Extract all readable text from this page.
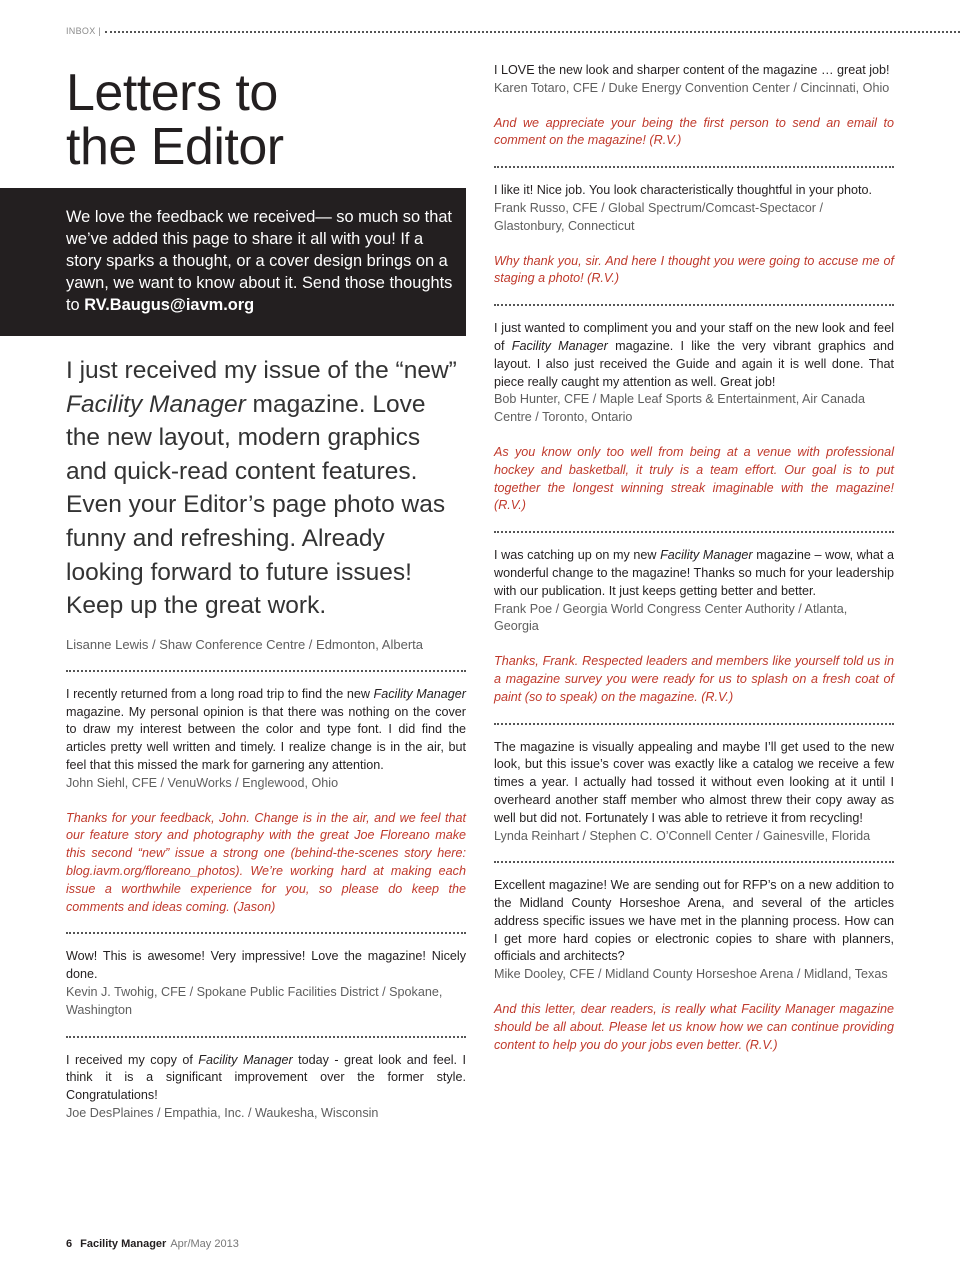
INBOX |
Letters to
the Editor

We love the feedback we received— so much so that we’ve added this page to share it all with you! If a story sparks a thought, or a cover design brings on a yawn, we want to know about it. Send those thoughts to RV.Baugus@iavm.org

I just received my issue of the “new” Facility Manager magazine. Love the new layout, modern graphics and quick-read content features. Even your Editor’s page photo was funny and refreshing. Already looking forward to future issues! Keep up the great work.
Lisanne Lewis / Shaw Conference Centre / Edmonton, Alberta
I recently returned from a long road trip to find the new Facility Manager magazine. My personal opinion is that there was nothing on the cover to draw my interest between the color and type font. I did find the articles pretty well written and timely. I realize change is in the air, but feel that this missed the mark for garnering any attention.
John Siehl, CFE / VenuWorks / Englewood, Ohio
Thanks for your feedback, John. Change is in the air, and we feel that our feature story and photography with the great Joe Floreano make this second “new” issue a strong one (behind-the-scenes story here: blog.iavm.org/floreano_photos). We’re working hard at making each issue a worthwhile experience for you, so please do keep the comments and ideas coming. (Jason)
Wow! This is awesome! Very impressive! Love the magazine! Nicely done.
Kevin J. Twohig, CFE / Spokane Public Facilities District / Spokane, Washington
I received my copy of Facility Manager today - great look and feel. I think it is a significant improvement over the former style. Congratulations!
Joe DesPlaines / Empathia, Inc. / Waukesha, Wisconsin
I LOVE the new look and sharper content of the magazine … great job!
Karen Totaro, CFE / Duke Energy Convention Center / Cincinnati, Ohio
And we appreciate your being the first person to send an email to comment on the magazine! (R.V.)
I like it! Nice job. You look characteristically thoughtful in your photo.
Frank Russo, CFE / Global Spectrum/Comcast-Spectacor / Glastonbury, Connecticut
Why thank you, sir. And here I thought you were going to accuse me of staging a photo! (R.V.)
I just wanted to compliment you and your staff on the new look and feel of Facility Manager magazine. I like the very vibrant graphics and layout. I also just received the Guide and again it is well done. That piece really caught my attention as well. Great job!
Bob Hunter, CFE / Maple Leaf Sports & Entertainment, Air Canada Centre / Toronto, Ontario
As you know only too well from being at a venue with professional hockey and basketball, it truly is a team effort. Our goal is to put together the longest winning streak imaginable with the magazine! (R.V.)
I was catching up on my new Facility Manager magazine – wow, what a wonderful change to the magazine! Thanks so much for your leadership with our publication. It just keeps getting better and better.
Frank Poe / Georgia World Congress Center Authority / Atlanta, Georgia
Thanks, Frank. Respected leaders and members like yourself told us in a magazine survey you were ready for us to splash on a fresh coat of paint (so to speak) on the magazine. (R.V.)
The magazine is visually appealing and maybe I’ll get used to the new look, but this issue’s cover was exactly like a catalog we receive a few times a year. I actually had tossed it without even looking at it until I overheard another staff member who almost threw their copy away as well but did not. Fortunately I was able to retrieve it from recycling!
Lynda Reinhart / Stephen C. O’Connell Center / Gainesville, Florida
Excellent magazine! We are sending out for RFP’s on a new addition to the Midland County Horseshoe Arena, and several of the articles address specific issues we have met in the planning process. How can I get more hard copies or electronic copies to share with planners, officials and architects?
Mike Dooley, CFE / Midland County Horseshoe Arena / Midland, Texas
And this letter, dear readers, is really what Facility Manager magazine should be all about. Please let us know how we can continue providing content to help you do your jobs even better. (R.V.)
6 Facility Manager Apr/May 2013
